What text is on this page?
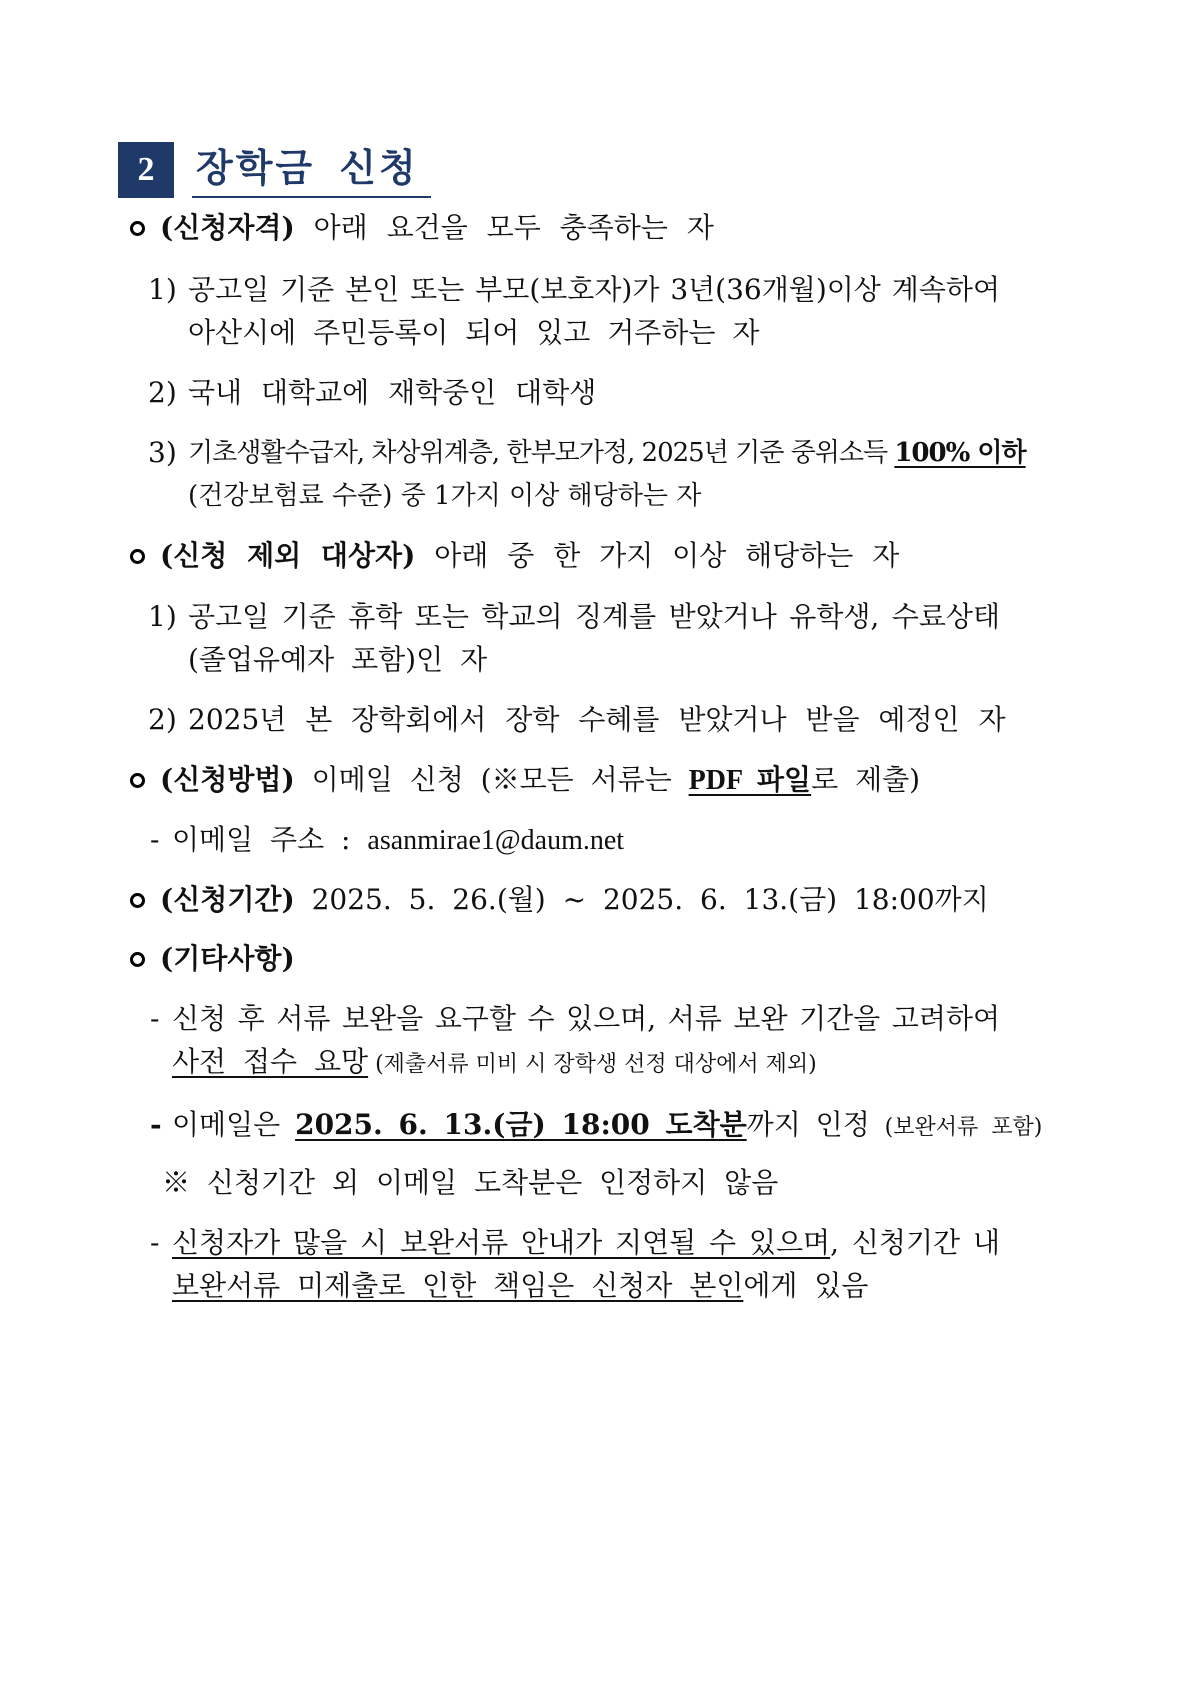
2	장학금 신청
(신청자격) 아래 요건을 모두 충족하는 자
1) 공고일 기준 본인 또는 부모(보호자)가 3년(36개월)이상 계속하여
아산시에 주민등록이 되어 있고 거주하는 자
2) 국내 대학교에 재학중인 대학생
3) 기초생활수급자, 차상위계층, 한부모가정, 2025년 기준 중위소득 100% 이하
(건강보험료 수준) 중 1가지 이상 해당하는 자
(신청 제외 대상자) 아래 중 한 가지 이상 해당하는 자
1) 공고일 기준 휴학 또는 학교의 징계를 받았거나 유학생, 수료상태
(졸업유예자 포함)인 자
2) 2025년 본 장학회에서 장학 수혜를 받았거나 받을 예정인 자
(신청방법) 이메일 신청 (※모든 서류는 PDF 파일로 제출)
- 이메일 주소 : asanmirae1@daum.net
(신청기간) 2025. 5. 26.(월) ~ 2025. 6. 13.(금) 18:00까지
(기타사항)
- 신청 후 서류 보완을 요구할 수 있으며, 서류 보완 기간을 고려하여
사전 접수 요망 (제출서류 미비 시 장학생 선정 대상에서 제외)
- 이메일은 2025. 6. 13.(금) 18:00 도착분까지 인정 (보완서류 포함)
※ 신청기간 외 이메일 도착분은 인정하지 않음
- 신청자가 많을 시 보완서류 안내가 지연될 수 있으며, 신청기간 내
보완서류 미제출로 인한 책임은 신청자 본인에게 있음
